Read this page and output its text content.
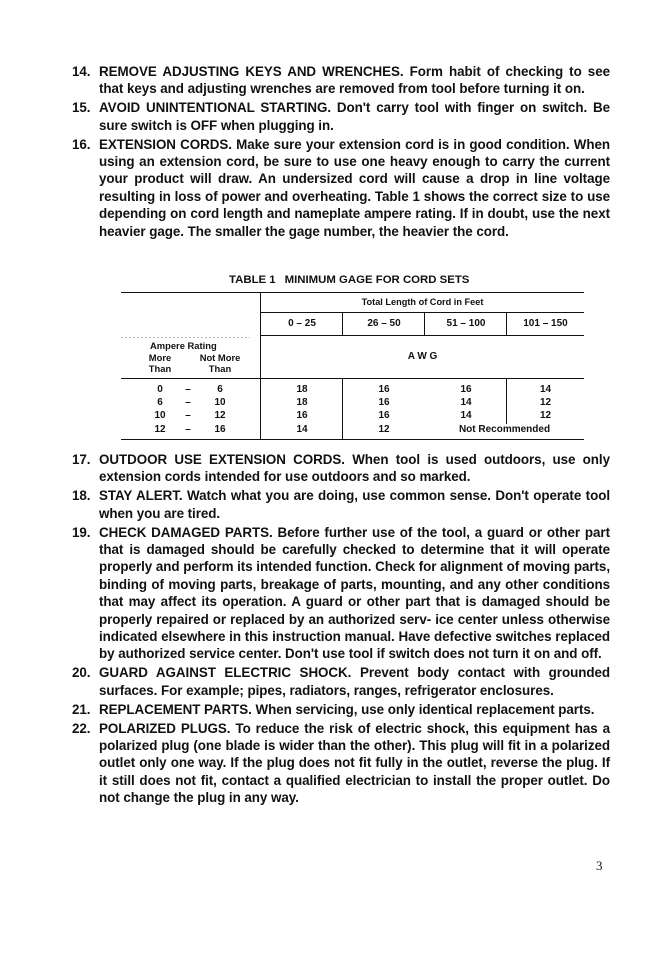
14. REMOVE ADJUSTING KEYS AND WRENCHES. Form habit of checking to see that keys and adjusting wrenches are removed from tool before turning it on.
15. AVOID UNINTENTIONAL STARTING. Don't carry tool with finger on switch. Be sure switch is OFF when plugging in.
16. EXTENSION CORDS. Make sure your extension cord is in good condition. When using an extension cord, be sure to use one heavy enough to carry the current your product will draw. An undersized cord will cause a drop in line voltage resulting in loss of power and overheating. Table 1 shows the correct size to use depending on cord length and nameplate ampere rating. If in doubt, use the next heavier gage. The smaller the gage number, the heavier the cord.
TABLE 1 MINIMUM GAGE FOR CORD SETS
Total Length of Cord in Feet
0 – 25	26 – 50	51 – 100	101 – 150
Ampere Rating
More Than
Not More Than
A W G
0	–	6	18	16	16	14
6	–	10	18	16	14	12
10	–	12	16	16	14	12
12	–	16	14	12	Not Recommended
17. OUTDOOR USE EXTENSION CORDS. When tool is used outdoors, use only extension cords intended for use outdoors and so marked.
18. STAY ALERT. Watch what you are doing, use common sense. Don't operate tool when you are tired.
19. CHECK DAMAGED PARTS. Before further use of the tool, a guard or other part that is damaged should be carefully checked to determine that it will operate properly and perform its intended function. Check for alignment of moving parts, binding of moving parts, breakage of parts, mounting, and any other conditions that may affect its operation. A guard or other part that is damaged should be properly repaired or replaced by an authorized serv- ice center unless otherwise indicated elsewhere in this instruction manual. Have defective switches replaced by authorized service center. Don't use tool if switch does not turn it on and off.
20. GUARD AGAINST ELECTRIC SHOCK. Prevent body contact with grounded surfaces. For example; pipes, radiators, ranges, refrigerator enclosures.
21. REPLACEMENT PARTS. When servicing, use only identical replacement parts.
22. POLARIZED PLUGS. To reduce the risk of electric shock, this equipment has a polarized plug (one blade is wider than the other). This plug will fit in a polarized outlet only one way. If the plug does not fit fully in the outlet, reverse the plug. If it still does not fit, contact a qualified electrician to install the proper outlet. Do not change the plug in any way.
3
